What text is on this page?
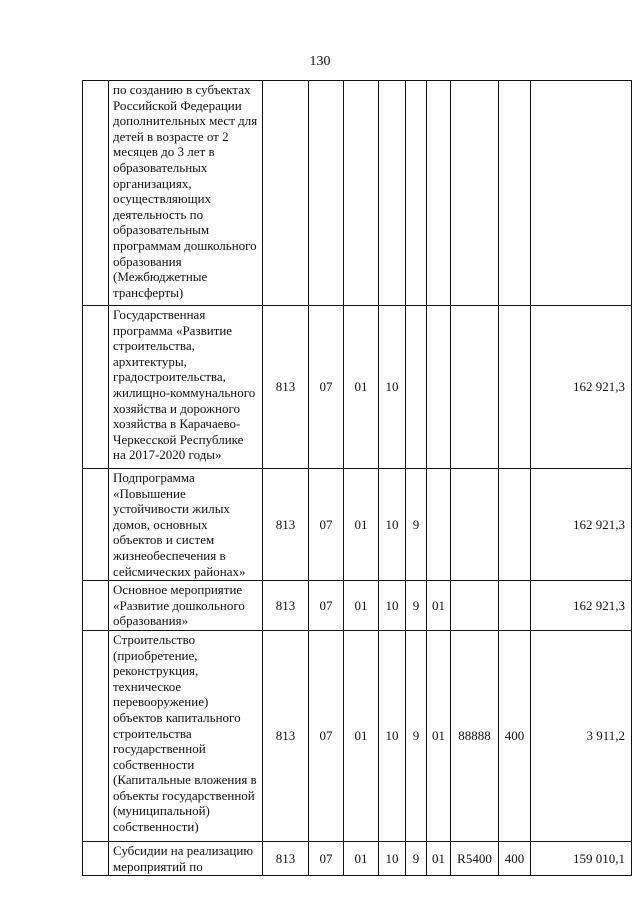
130
	по созданию в субъектах Российской Федерации дополнительных мест для детей в возрасте от 2 месяцев до 3 лет в образовательных организациях, осуществляющих деятельность по образовательным программам дошкольного образования (Межбюджетные трансферты)									
	Государственная программа «Развитие строительства, архитектуры, градостроительства, жилищно-коммунального хозяйства и дорожного хозяйства в Карачаево-Черкесской Республике на 2017-2020 годы»	813	07	01	10					162 921,3
	Подпрограмма «Повышение устойчивости жилых домов, основных объектов и систем жизнеобеспечения в сейсмических районах»	813	07	01	10	9				162 921,3
	Основное мероприятие «Развитие дошкольного образования»	813	07	01	10	9	01			162 921,3
	Строительство (приобретение, реконструкция, техническое перевооружение) объектов капитального строительства государственной собственности (Капитальные вложения в объекты государственной (муниципальной) собственности)	813	07	01	10	9	01	88888	400	3 911,2
	Субсидии на реализацию мероприятий по	813	07	01	10	9	01	R5400	400	159 010,1
